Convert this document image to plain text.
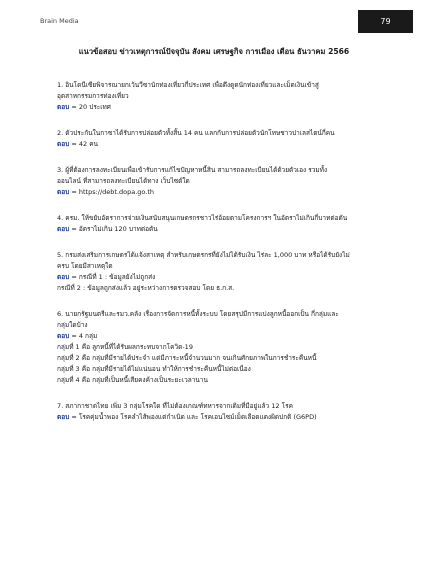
Brain Media	79
แนวข้อสอบ ข่าวเหตุการณ์ปัจจุบัน สังคม เศรษฐกิจ การเมือง เดือน ธันวาคม 2566
1. อินโดนีเซียพิจารณายกเว้นวีซานักท่องเที่ยวกี่ประเทศ เพื่อดึงดูดนักท่องเที่ยวและเม็ดเงินเข้าสู่
อุตสาหกรรมการท่องเที่ยว
ตอบ = 20 ประเทศ
2. ตัวประกันในกาซาได้รับการปล่อยตัวทั้งสิ้น 14 คน แลกกับการปล่อยตัวนักโทษชาวปาเลสไตน์กี่คน
ตอบ = 42 คน
3. ผู้ที่ต้องการลงทะเบียนเพื่อเข้ารับการแก้ไขปัญหาหนี้สิน สามารถลงทะเบียนได้ด้วยตัวเอง รวมทั้ง
ออนไลน์ ที่สามารถลงทะเบียนได้ทาง เว็บไซต์ใด
ตอบ = https://debt.dopa.go.th
4. ครม. ให้ขยับอัตราการจ่ายเงินสนับสนุนเกษตรกรชาวไร่อ้อยตามโครงการฯ ในอัตราไม่เกินกี่บาทต่อตัน
ตอบ = อัตราไม่เกิน 120 บาทต่อตัน
5. กรมส่งเสริมการเกษตรได้แจ้งสาเหตุ สำหรับเกษตรกรที่ยังไม่ได้รับเงิน ไร่ละ 1,000 บาท หรือได้รับยังไม่
ครบ โดยมีสาเหตุใด
ตอบ = กรณีที่ 1 : ข้อมูลยังไม่ถูกส่ง
กรณีที่ 2 : ข้อมูลถูกส่งแล้ว อยู่ระหว่างการตรวจสอบ โดย ธ.ก.ส.
6. นายกรัฐมนตรีและรมว.คลัง เรื่องการจัดการหนี้ทั้งระบบ โดยสรุปมีการแบ่งลูกหนี้ออกเป็น กี่กลุ่มและ
กลุ่มใดบ้าง
ตอบ = 4 กลุ่ม
กลุ่มที่ 1 คือ ลูกหนี้ที่ได้รับผลกระทบจากโควิด-19
กลุ่มที่ 2 คือ กลุ่มที่มีรายได้ประจำ แต่มีภาระหนี้จำนวนมาก จนเกินศักยภาพในการชำระคืนหนี้
กลุ่มที่ 3 คือ กลุ่มที่มีรายได้ไม่แน่นอน ทำให้การชำระคืนหนี้ไม่ต่อเนื่อง
กลุ่มที่ 4 คือ กลุ่มที่เป็นหนี้เสียคงค้างเป็นระยะเวลานาน
7. สภากาชาดไทย เพิ่ม 3 กลุ่มโรคใด ที่ไม่ต้องเกณฑ์ทหารจากเดิมที่มีอยู่แล้ว 12 โรค
ตอบ = โรคคุ่มน้ำพอง โรคลำไส้พองแต่กำเนิด และ โรคเอนไซม์เม็ดเลือดแดงผิดปกติ (G6PD)
